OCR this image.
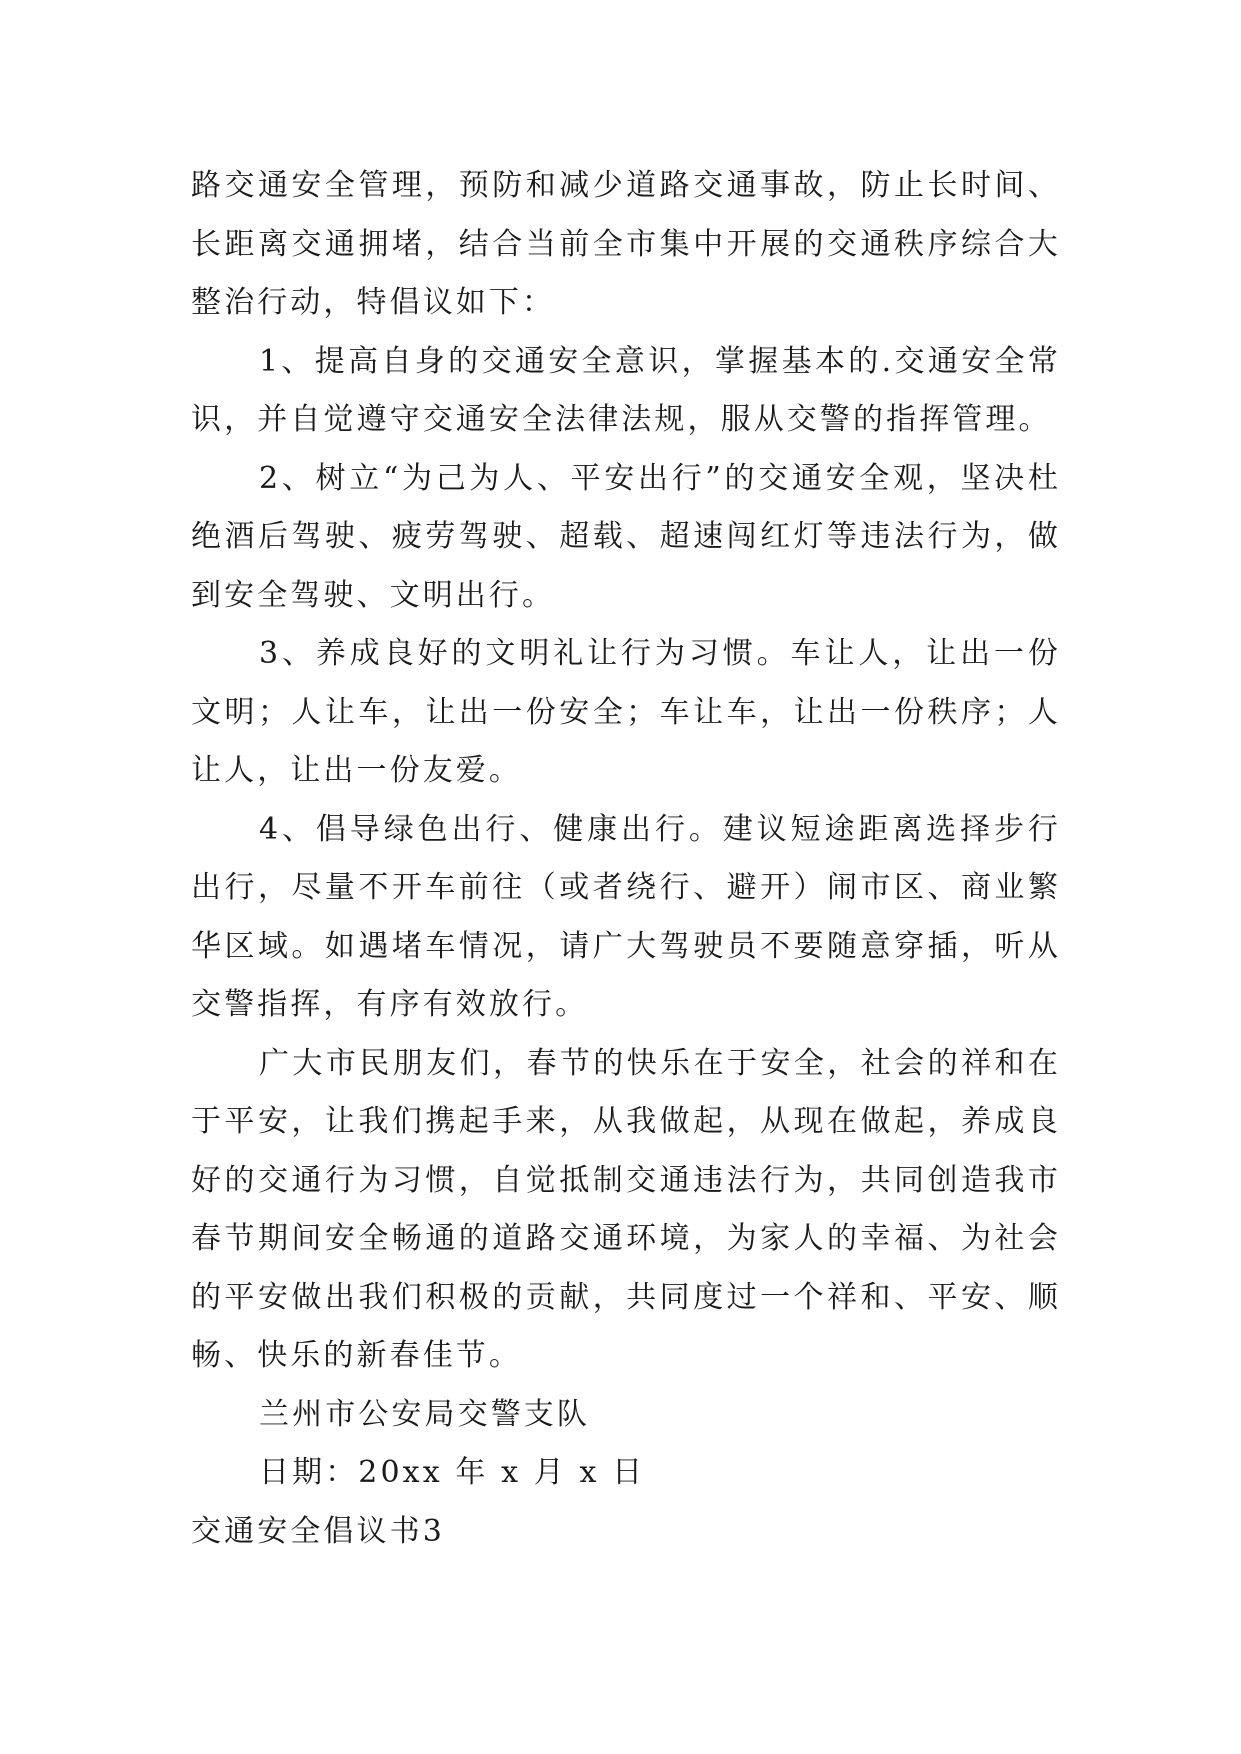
路交通安全管理，预防和减少道路交通事故，防止长时间、长距离交通拥堵，结合当前全市集中开展的交通秩序综合大整治行动，特倡议如下：

1、提高自身的交通安全意识，掌握基本的.交通安全常识，并自觉遵守交通安全法律法规，服从交警的指挥管理。

2、树立“为己为人、平安出行”的交通安全观，坚决杜绝酒后驾驶、疲劳驾驶、超载、超速闯红灯等违法行为，做到安全驾驶、文明出行。

3、养成良好的文明礼让行为习惯。车让人，让出一份文明；人让车，让出一份安全；车让车，让出一份秩序；人让人，让出一份友爱。

4、倡导绿色出行、健康出行。建议短途距离选择步行出行，尽量不开车前往（或者绕行、避开）闹市区、商业繁华区域。如遇堵车情况，请广大驾驶员不要随意穿插，听从交警指挥，有序有效放行。

广大市民朋友们，春节的快乐在于安全，社会的祥和在于平安，让我们携起手来，从我做起，从现在做起，养成良好的交通行为习惯，自觉抵制交通违法行为，共同创造我市春节期间安全畅通的道路交通环境，为家人的幸福、为社会的平安做出我们积极的贡献，共同度过一个祥和、平安、顺畅、快乐的新春佳节。

兰州市公安局交警支队

日期：20xx 年 x 月 x 日

交通安全倡议书3
